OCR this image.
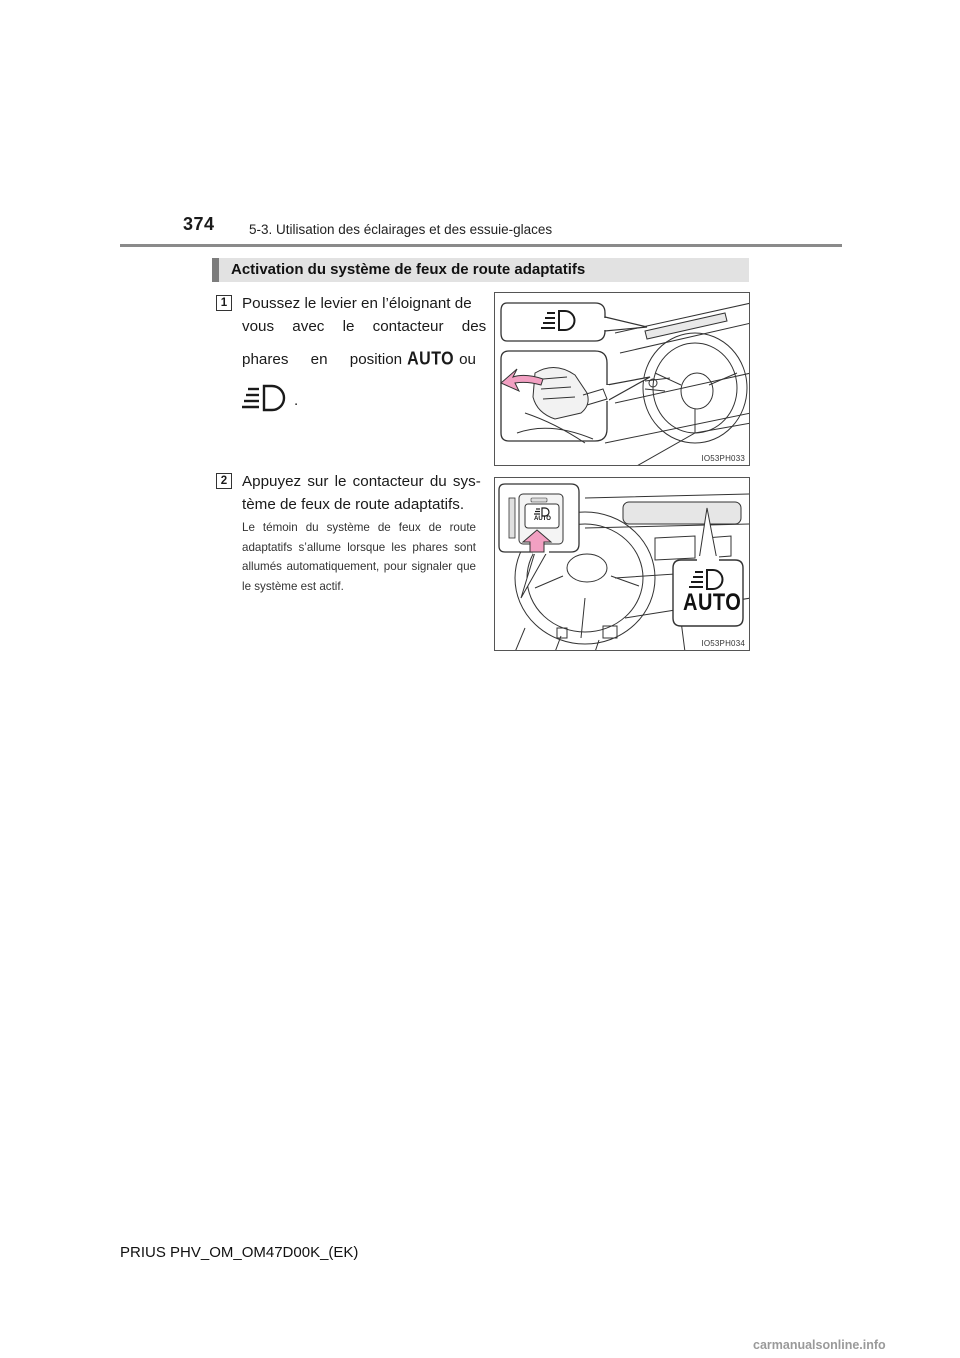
374	5-3. Utilisation des éclairages et des essuie-glaces
Activation du système de feux de route adaptatifs
1 Poussez le levier en l’éloignant de
vous avec le contacteur des
phares en position AUTO ou
.
IO53PH033
2 Appuyez sur le contacteur du sys-
tème de feux de route adaptatifs.
Le témoin du système de feux de route adaptatifs s’allume lorsque les phares sont allumés automatiquement, pour signaler que le système est actif.
AUTO
AUTO
IO53PH034
PRIUS PHV_OM_OM47D00K_(EK)
carmanualsonline.info
